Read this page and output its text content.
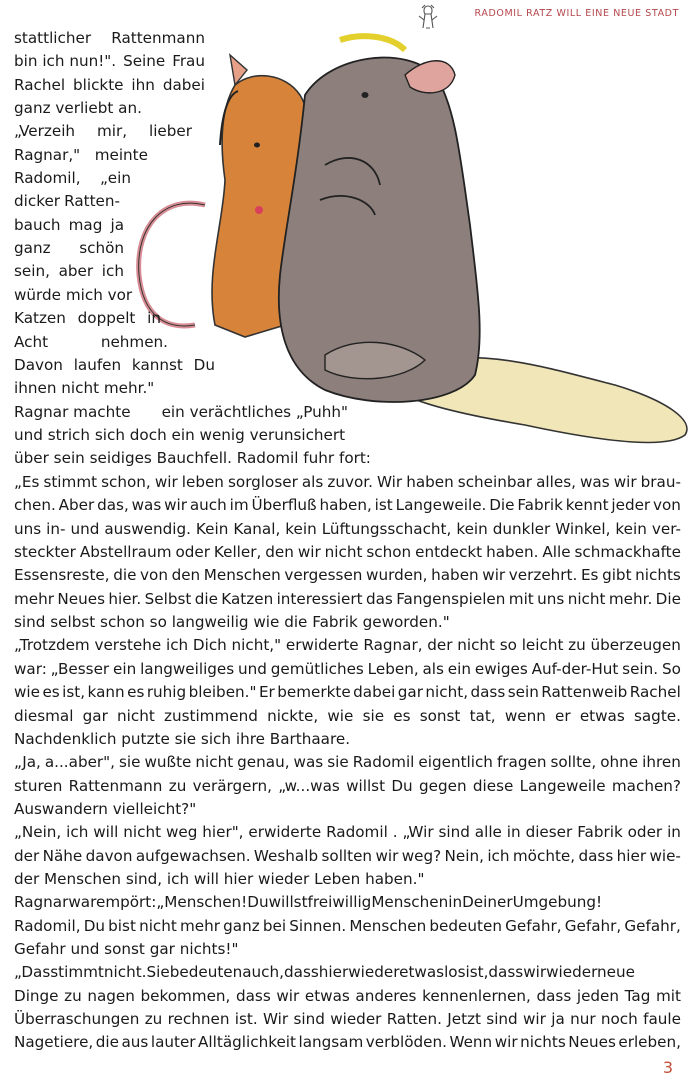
RADOMIL RATZ WILL EINE NEUE STADT
stattlicher Rattenmann
bin ich nun!". Seine Frau
Rachel blickte ihn dabei
ganz verliebt an.
„Verzeih mir, lieber
Ragnar," meinte
Radomil, „ein
dicker Ratten-
bauch mag ja
ganz schön
sein, aber ich
würde mich vor
Katzen doppelt in
Acht	nehmen.
Davon laufen kannst Du
ihnen nicht mehr."
Ragnar machte ein verächtliches „Puhh"
und strich sich doch ein wenig verunsichert
über sein seidiges Bauchfell. Radomil fuhr fort:
„Es stimmt schon, wir leben sorgloser als zuvor. Wir haben scheinbar alles, was wir brau-
chen. Aber das, was wir auch im Überfluß haben, ist Langeweile. Die Fabrik kennt jeder von
uns in- und auswendig. Kein Kanal, kein Lüftungsschacht, kein dunkler Winkel, kein ver-
steckter Abstellraum oder Keller, den wir nicht schon entdeckt haben. Alle schmackhafte
Essensreste, die von den Menschen vergessen wurden, haben wir verzehrt. Es gibt nichts
mehr Neues hier. Selbst die Katzen interessiert das Fangenspielen mit uns nicht mehr. Die
sind selbst schon so langweilig wie die Fabrik geworden."
„Trotzdem verstehe ich Dich nicht," erwiderte Ragnar, der nicht so leicht zu überzeugen
war: „Besser ein langweiliges und gemütliches Leben, als ein ewiges Auf-der-Hut sein. So
wie es ist, kann es ruhig bleiben." Er bemerkte dabei gar nicht, dass sein Rattenweib Rachel
diesmal gar nicht zustimmend nickte, wie sie es sonst tat, wenn er etwas sagte.
Nachdenklich putzte sie sich ihre Barthaare.
„Ja, a...aber", sie wußte nicht genau, was sie Radomil eigentlich fragen sollte, ohne ihren
sturen Rattenmann zu verärgern, „w...was willst Du gegen diese Langeweile machen?
Auswandern vielleicht?"
„Nein, ich will nicht weg hier", erwiderte Radomil . „Wir sind alle in dieser Fabrik oder in
der Nähe davon aufgewachsen. Weshalb sollten wir weg? Nein, ich möchte, dass hier wie-
der Menschen sind, ich will hier wieder Leben haben."
Ragnarwarempört:„Menschen!DuwillstfreiwilligMenscheninDeinerUmgebung!
Radomil, Du bist nicht mehr ganz bei Sinnen. Menschen bedeuten Gefahr, Gefahr, Gefahr,
Gefahr und sonst gar nichts!"
„Dasstimmtnicht.Siebedeutenauch,dasshierwiederetwaslosist,dasswirwiederneue
Dinge zu nagen bekommen, dass wir etwas anderes kennenlernen, dass jeden Tag mit
Überraschungen zu rechnen ist. Wir sind wieder Ratten. Jetzt sind wir ja nur noch faule
Nagetiere, die aus lauter Alltäglichkeit langsam verblöden. Wenn wir nichts Neues erleben,
3
